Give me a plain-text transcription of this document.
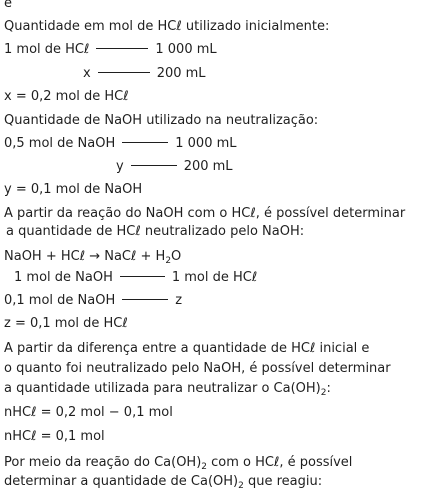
e
Quantidade em mol de HCℓ utilizado inicialmente:
1 mol de HCℓ	1 000 mL
x	200 mL
x = 0,2 mol de HCℓ
Quantidade de NaOH utilizado na neutralização:
0,5 mol de NaOH	1 000 mL
y	200 mL
y = 0,1 mol de NaOH
A partir da reação do NaOH com o HCℓ, é possível determinar
a quantidade de HCℓ neutralizado pelo NaOH:
NaOH + HCℓ → NaCℓ + $H_2O$
1 mol de NaOH	1 mol de HCℓ
0,1 mol de NaOH	z
z = 0,1 mol de HCℓ
A partir da diferença entre a quantidade de HCℓ inicial e
o quanto foi neutralizado pelo NaOH, é possível determinar
a quantidade utilizada para neutralizar o $Ca(OH)_2$:
nHCℓ = 0,2 mol − 0,1 mol
nHCℓ = 0,1 mol
Por meio da reação do $Ca(OH)_2$ com o HCℓ, é possível
determinar a quantidade de $Ca(OH)_2$ que reagiu:
